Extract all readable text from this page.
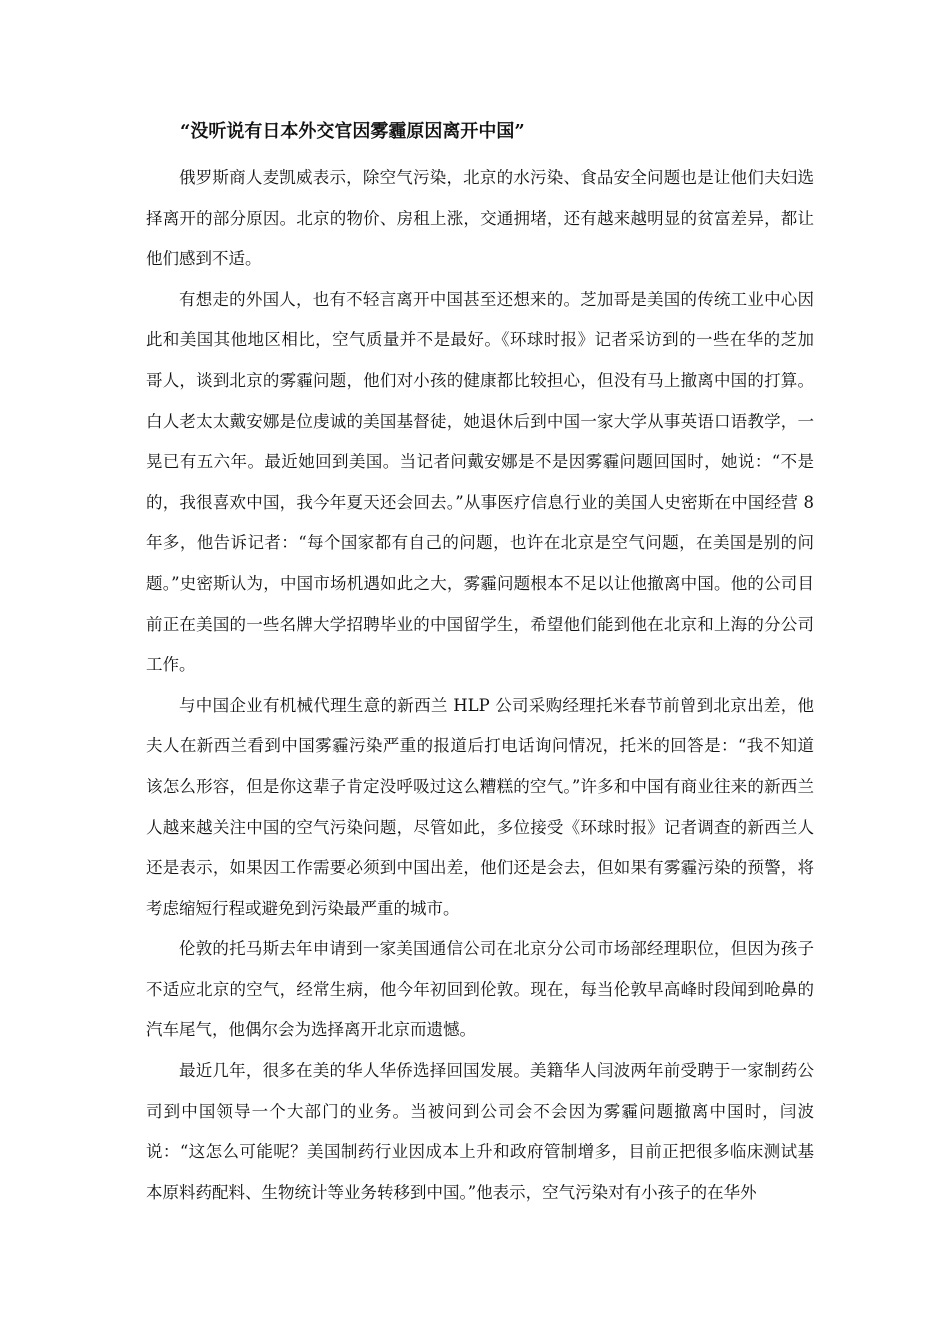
“没听说有日本外交官因雾霾原因离开中国”

俄罗斯商人麦凯威表示，除空气污染，北京的水污染、食品安全问题也是让他们夫妇选择离开的部分原因。北京的物价、房租上涨，交通拥堵，还有越来越明显的贫富差异，都让他们感到不适。

有想走的外国人，也有不轻言离开中国甚至还想来的。芝加哥是美国的传统工业中心因此和美国其他地区相比，空气质量并不是最好。《环球时报》记者采访到的一些在华的芝加哥人，谈到北京的雾霾问题，他们对小孩的健康都比较担心，但没有马上撤离中国的打算。白人老太太戴安娜是位虔诚的美国基督徒，她退休后到中国一家大学从事英语口语教学，一晃已有五六年。最近她回到美国。当记者问戴安娜是不是因雾霾问题回国时，她说：“不是的，我很喜欢中国，我今年夏天还会回去。”从事医疗信息行业的美国人史密斯在中国经营 8 年多，他告诉记者：“每个国家都有自己的问题，也许在北京是空气问题，在美国是别的问题。”史密斯认为，中国市场机遇如此之大，雾霾问题根本不足以让他撤离中国。他的公司目前正在美国的一些名牌大学招聘毕业的中国留学生，希望他们能到他在北京和上海的分公司工作。

与中国企业有机械代理生意的新西兰 HLP 公司采购经理托米春节前曾到北京出差，他夫人在新西兰看到中国雾霾污染严重的报道后打电话询问情况，托米的回答是：“我不知道该怎么形容，但是你这辈子肯定没呼吸过这么糟糕的空气。”许多和中国有商业往来的新西兰人越来越关注中国的空气污染问题，尽管如此，多位接受《环球时报》记者调查的新西兰人还是表示，如果因工作需要必须到中国出差，他们还是会去，但如果有雾霾污染的预警，将考虑缩短行程或避免到污染最严重的城市。

伦敦的托马斯去年申请到一家美国通信公司在北京分公司市场部经理职位，但因为孩子不适应北京的空气，经常生病，他今年初回到伦敦。现在，每当伦敦早高峰时段闻到呛鼻的汽车尾气，他偶尔会为选择离开北京而遗憾。

最近几年，很多在美的华人华侨选择回国发展。美籍华人闫波两年前受聘于一家制药公司到中国领导一个大部门的业务。当被问到公司会不会因为雾霾问题撤离中国时，闫波说：“这怎么可能呢？美国制药行业因成本上升和政府管制增多，目前正把很多临床测试基本原料药配料、生物统计等业务转移到中国。”他表示，空气污染对有小孩子的在华外
